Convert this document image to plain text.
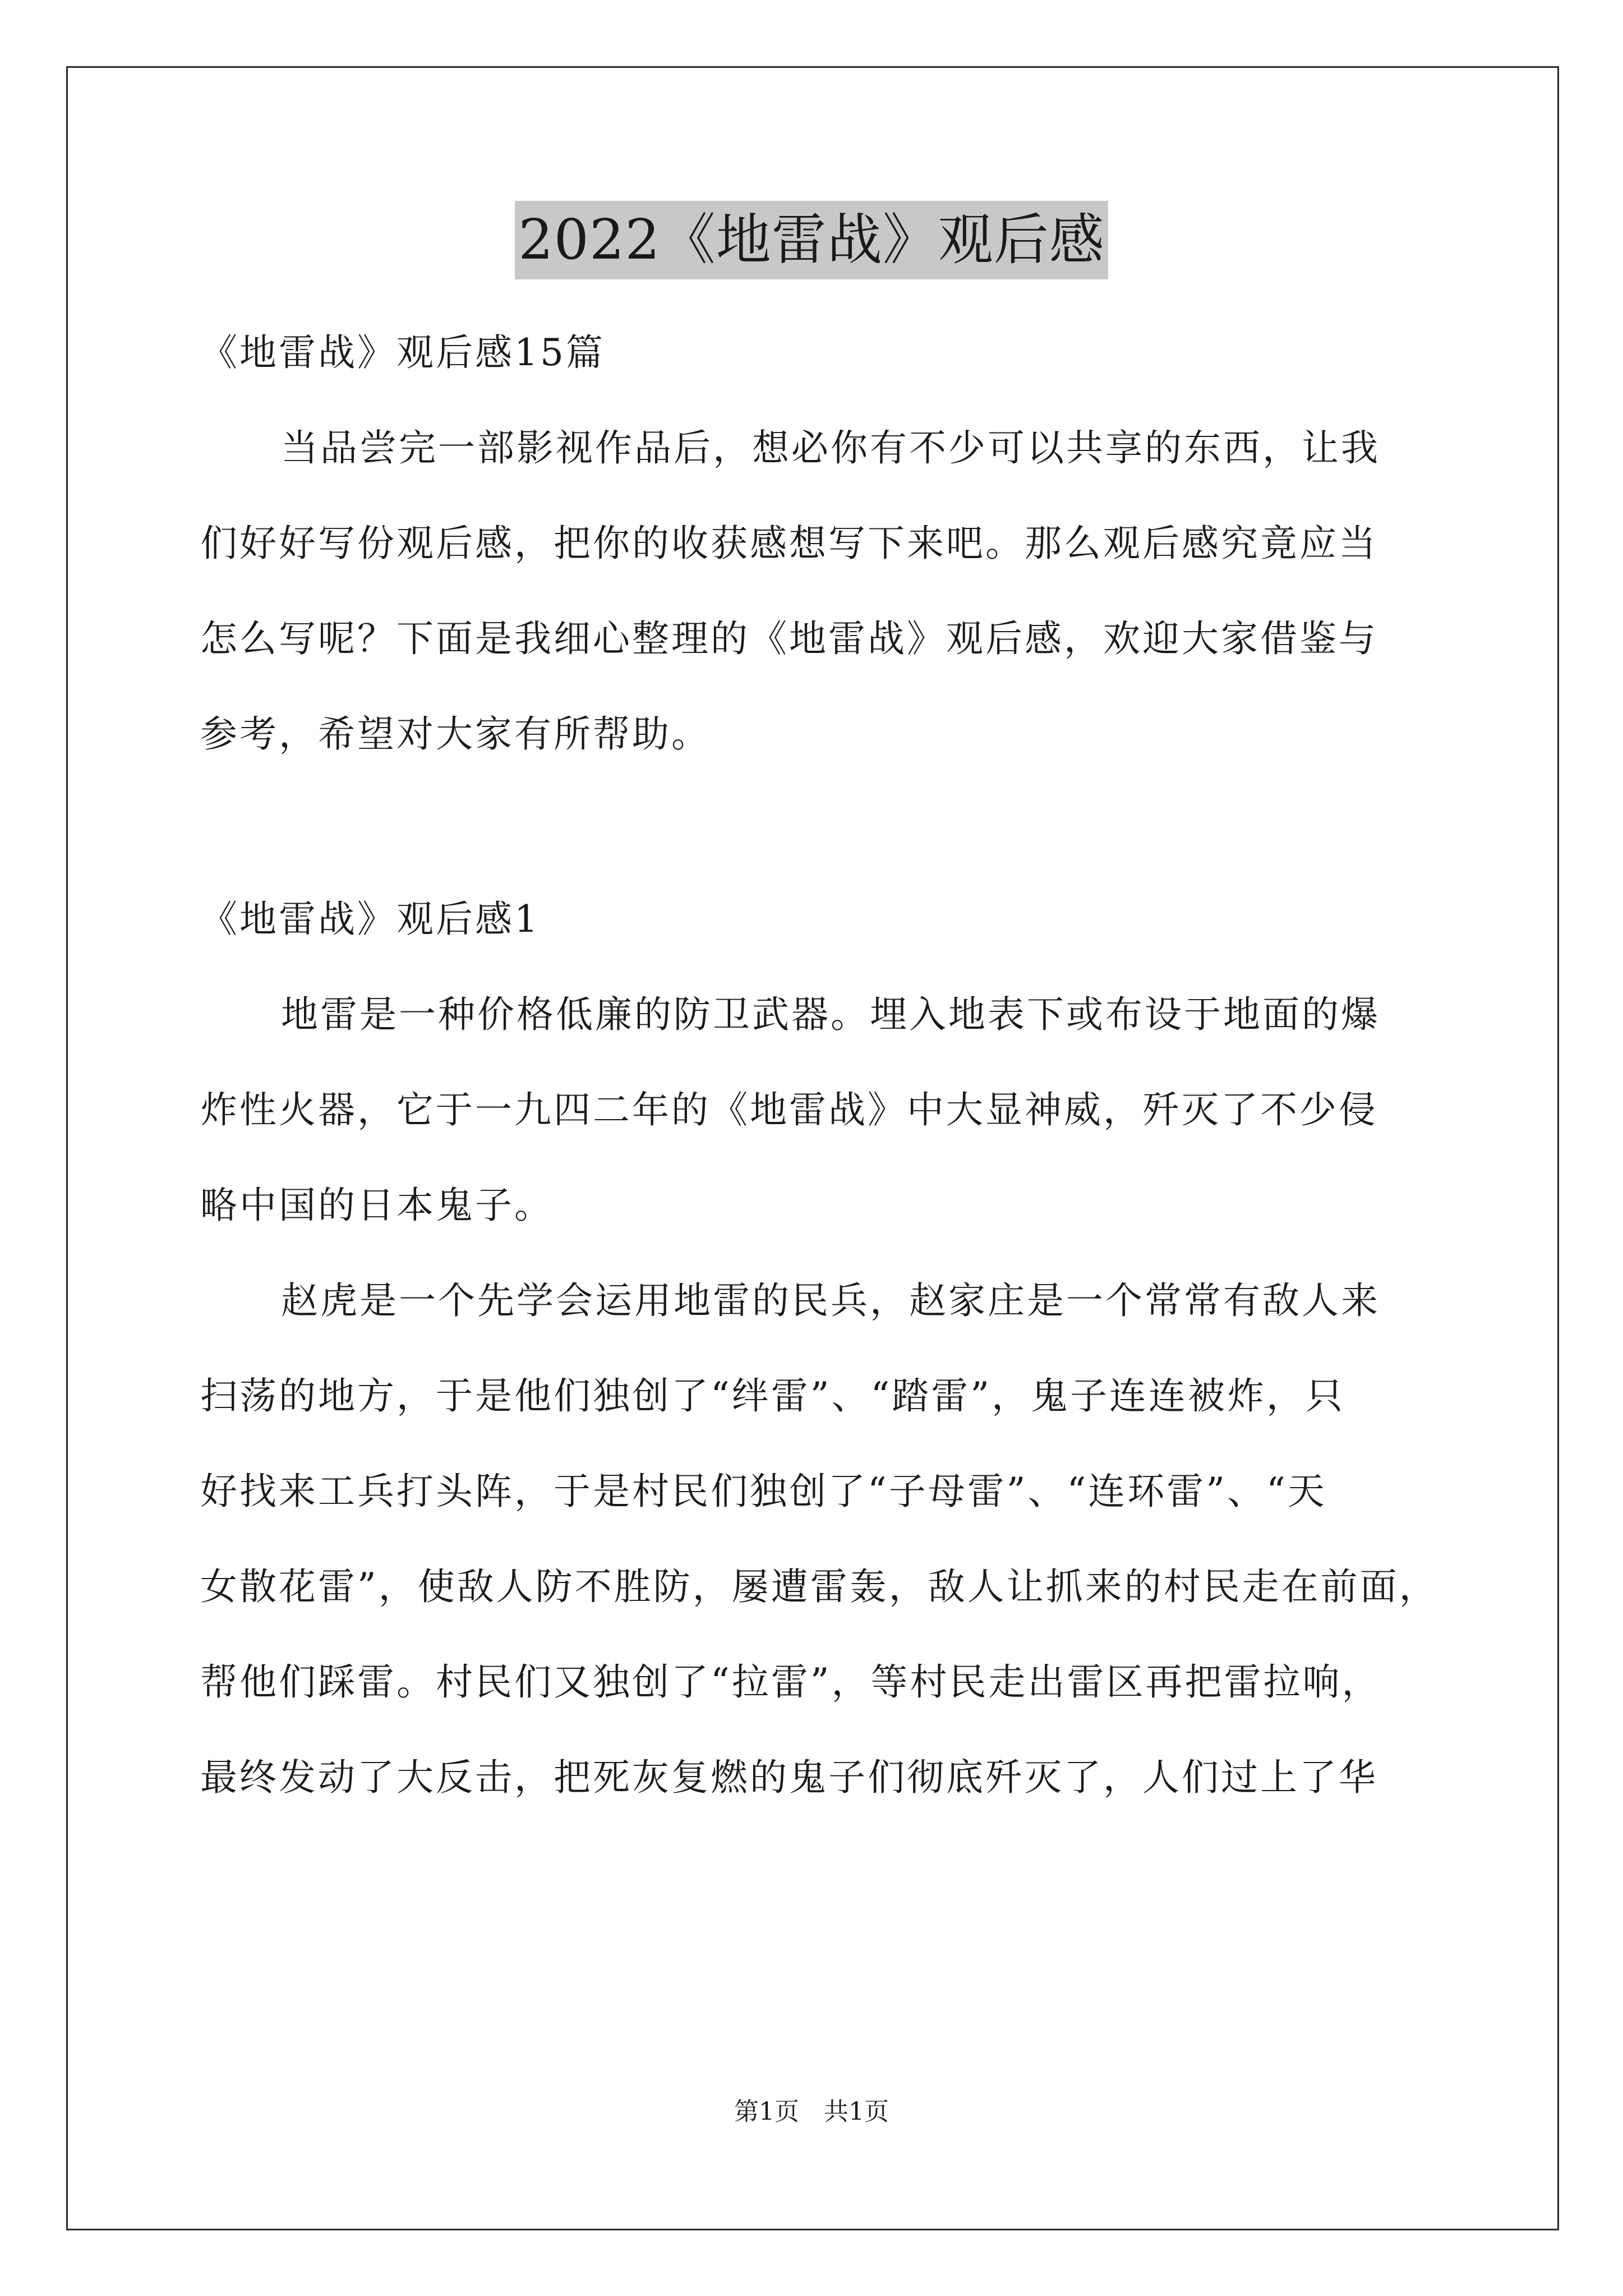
2022《地雷战》观后感
《地雷战》观后感15篇
当品尝完一部影视作品后，想必你有不少可以共享的东西，让我
们好好写份观后感，把你的收获感想写下来吧。那么观后感究竟应当
怎么写呢？下面是我细心整理的《地雷战》观后感，欢迎大家借鉴与
参考，希望对大家有所帮助。
《地雷战》观后感1
地雷是一种价格低廉的防卫武器。埋入地表下或布设于地面的爆
炸性火器，它于一九四二年的《地雷战》中大显神威，歼灭了不少侵
略中国的日本鬼子。
赵虎是一个先学会运用地雷的民兵，赵家庄是一个常常有敌人来
扫荡的地方，于是他们独创了“绊雷”、“踏雷”，鬼子连连被炸，只
好找来工兵打头阵，于是村民们独创了“子母雷”、“连环雷”、“天
女散花雷”，使敌人防不胜防，屡遭雷轰，敌人让抓来的村民走在前面，
帮他们踩雷。村民们又独创了“拉雷”，等村民走出雷区再把雷拉响，
最终发动了大反击，把死灰复燃的鬼子们彻底歼灭了，人们过上了华
第1页　共1页
